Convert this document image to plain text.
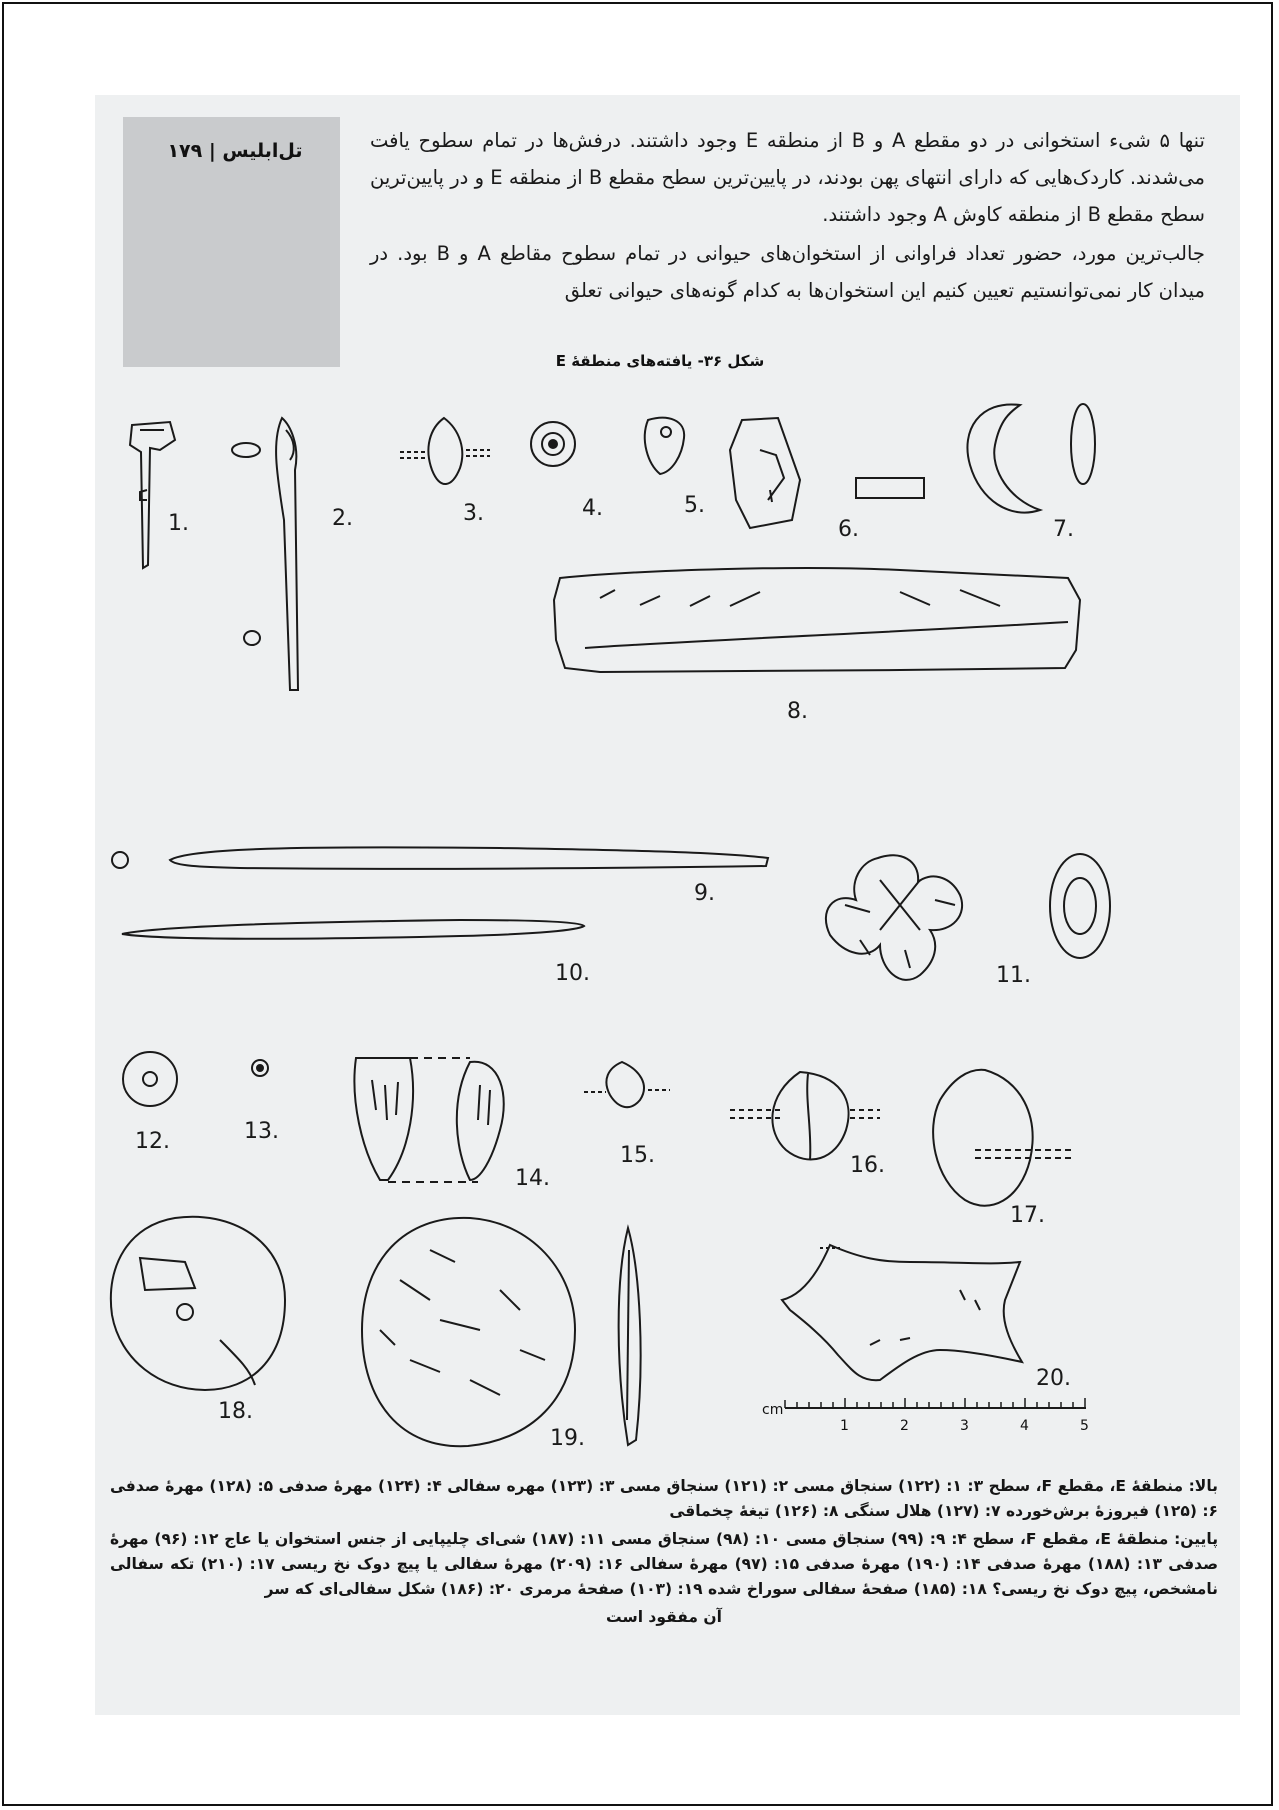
تل‌ابلیس | ۱۷۹	تنها ۵ شیء استخوانی در دو مقطع A و B از منطقه E وجود داشتند. درفش‌ها در تمام سطوح یافت می‌شدند. کاردک‌هایی که دارای انتهای پهن بودند، در پایین‌ترین سطح مقطع B از منطقه E و در پایین‌ترین سطح مقطع B از منطقه کاوش A وجود داشتند.

جالب‌ترین مورد، حضور تعداد فراوانی از استخوان‌های حیوانی در تمام سطوح مقاطع A و B بود. در میدان کار نمی‌توانستیم تعیین کنیم این استخوان‌ها به کدام گونه‌های حیوانی تعلق

شکل ۳۶- یافته‌های منطقهٔ E
cm
1	2	3	4	5
1.	2.	3.	4.	5.
6.	7.
8.
9.
10.	11.
12.	13.
14.
15.	16.
17.
18.
19.
20.

بالا: منطقهٔ E، مقطع F، سطح ۳: ۱: (۱۲۲) سنجاق مسی ۲: (۱۲۱) سنجاق مسی ۳: (۱۲۳) مهره سفالی ۴: (۱۲۴) مهرهٔ صدفی ۵: (۱۲۸) مهرهٔ صدفی ۶: (۱۲۵) فیروزهٔ برش‌خورده ۷: (۱۲۷) هلال سنگی ۸: (۱۲۶) تیغهٔ چخماقی

پایین: منطقهٔ E، مقطع F، سطح ۴: ۹: (۹۹) سنجاق مسی ۱۰: (۹۸) سنجاق مسی ۱۱: (۱۸۷) شی‌ای چلیپایی از جنس استخوان یا عاج ۱۲: (۹۶) مهرهٔ صدفی ۱۳: (۱۸۸) مهرهٔ صدفی ۱۴: (۱۹۰) مهرهٔ صدفی ۱۵: (۹۷) مهرهٔ سفالی ۱۶: (۲۰۹) مهرهٔ سفالی یا پیچ دوک نخ ریسی ۱۷: (۲۱۰) تکه سفالی نامشخص، پیچ دوک نخ ریسی؟ ۱۸: (۱۸۵) صفحهٔ سفالی سوراخ شده ۱۹: (۱۰۳) صفحهٔ مرمری ۲۰: (۱۸۶) شکل سفالی‌ای که سر

آن مفقود است
